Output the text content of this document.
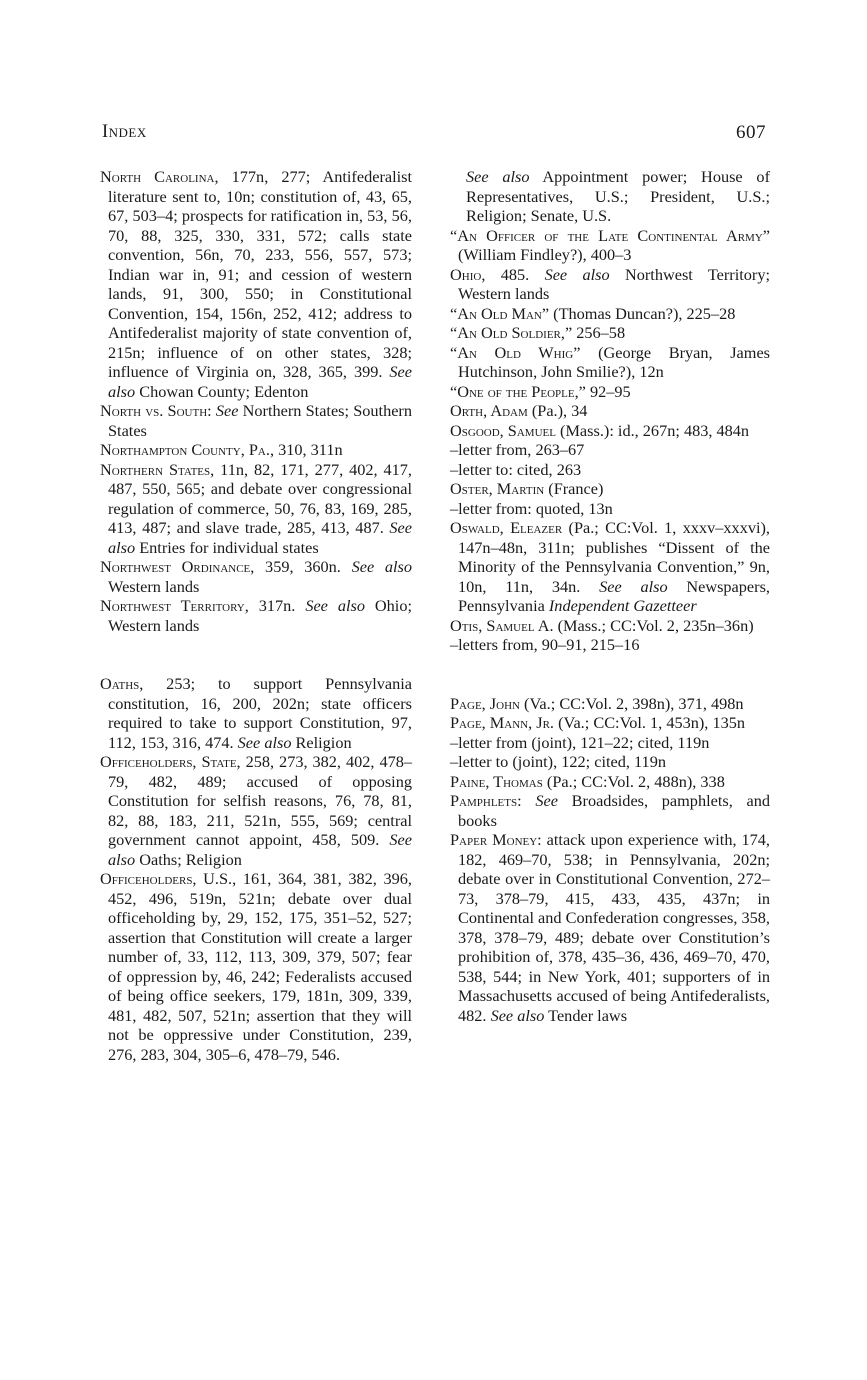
Index	607
North Carolina, 177n, 277; Antifederalist literature sent to, 10n; constitution of, 43, 65, 67, 503–4; prospects for ratification in, 53, 56, 70, 88, 325, 330, 331, 572; calls state convention, 56n, 70, 233, 556, 557, 573; Indian war in, 91; and cession of western lands, 91, 300, 550; in Constitutional Convention, 154, 156n, 252, 412; address to Antifederalist majority of state convention of, 215n; influence of on other states, 328; influence of Virginia on, 328, 365, 399. See also Chowan County; Edenton
North vs. South: See Northern States; Southern States
Northampton County, Pa., 310, 311n
Northern States, 11n, 82, 171, 277, 402, 417, 487, 550, 565; and debate over congressional regulation of commerce, 50, 76, 83, 169, 285, 413, 487; and slave trade, 285, 413, 487. See also Entries for individual states
Northwest Ordinance, 359, 360n. See also Western lands
Northwest Territory, 317n. See also Ohio; Western lands
Oaths, 253; to support Pennsylvania constitution, 16, 200, 202n; state officers required to take to support Constitution, 97, 112, 153, 316, 474. See also Religion
Officeholders, State, 258, 273, 382, 402, 478–79, 482, 489; accused of opposing Constitution for selfish reasons, 76, 78, 81, 82, 88, 183, 211, 521n, 555, 569; central government cannot appoint, 458, 509. See also Oaths; Religion
Officeholders, U.S., 161, 364, 381, 382, 396, 452, 496, 519n, 521n; debate over dual officeholding by, 29, 152, 175, 351–52, 527; assertion that Constitution will create a larger number of, 33, 112, 113, 309, 379, 507; fear of oppression by, 46, 242; Federalists accused of being office seekers, 179, 181n, 309, 339, 481, 482, 507, 521n; assertion that they will not be oppressive under Constitution, 239, 276, 283, 304, 305–6, 478–79, 546.
See also Appointment power; House of Representatives, U.S.; President, U.S.; Religion; Senate, U.S.
“An Officer of the Late Continental Army” (William Findley?), 400–3
Ohio, 485. See also Northwest Territory; Western lands
“An Old Man” (Thomas Duncan?), 225–28
“An Old Soldier,” 256–58
“An Old Whig” (George Bryan, James Hutchinson, John Smilie?), 12n
“One of the People,” 92–95
Orth, Adam (Pa.), 34
Osgood, Samuel (Mass.): id., 267n; 483, 484n
–letter from, 263–67
–letter to: cited, 263
Oster, Martin (France)
–letter from: quoted, 13n
Oswald, Eleazer (Pa.; CC:Vol. 1, xxxv–xxxvi), 147n–48n, 311n; publishes “Dissent of the Minority of the Pennsylvania Convention,” 9n, 10n, 11n, 34n. See also Newspapers, Pennsylvania Independent Gazetteer
Otis, Samuel A. (Mass.; CC:Vol. 2, 235n–36n)
–letters from, 90–91, 215–16
Page, John (Va.; CC:Vol. 2, 398n), 371, 498n
Page, Mann, Jr. (Va.; CC:Vol. 1, 453n), 135n
–letter from (joint), 121–22; cited, 119n
–letter to (joint), 122; cited, 119n
Paine, Thomas (Pa.; CC:Vol. 2, 488n), 338
Pamphlets: See Broadsides, pamphlets, and books
Paper Money: attack upon experience with, 174, 182, 469–70, 538; in Pennsylvania, 202n; debate over in Constitutional Convention, 272–73, 378–79, 415, 433, 435, 437n; in Continental and Confederation congresses, 358, 378, 378–79, 489; debate over Constitution’s prohibition of, 378, 435–36, 436, 469–70, 470, 538, 544; in New York, 401; supporters of in Massachusetts accused of being Antifederalists, 482. See also Tender laws
